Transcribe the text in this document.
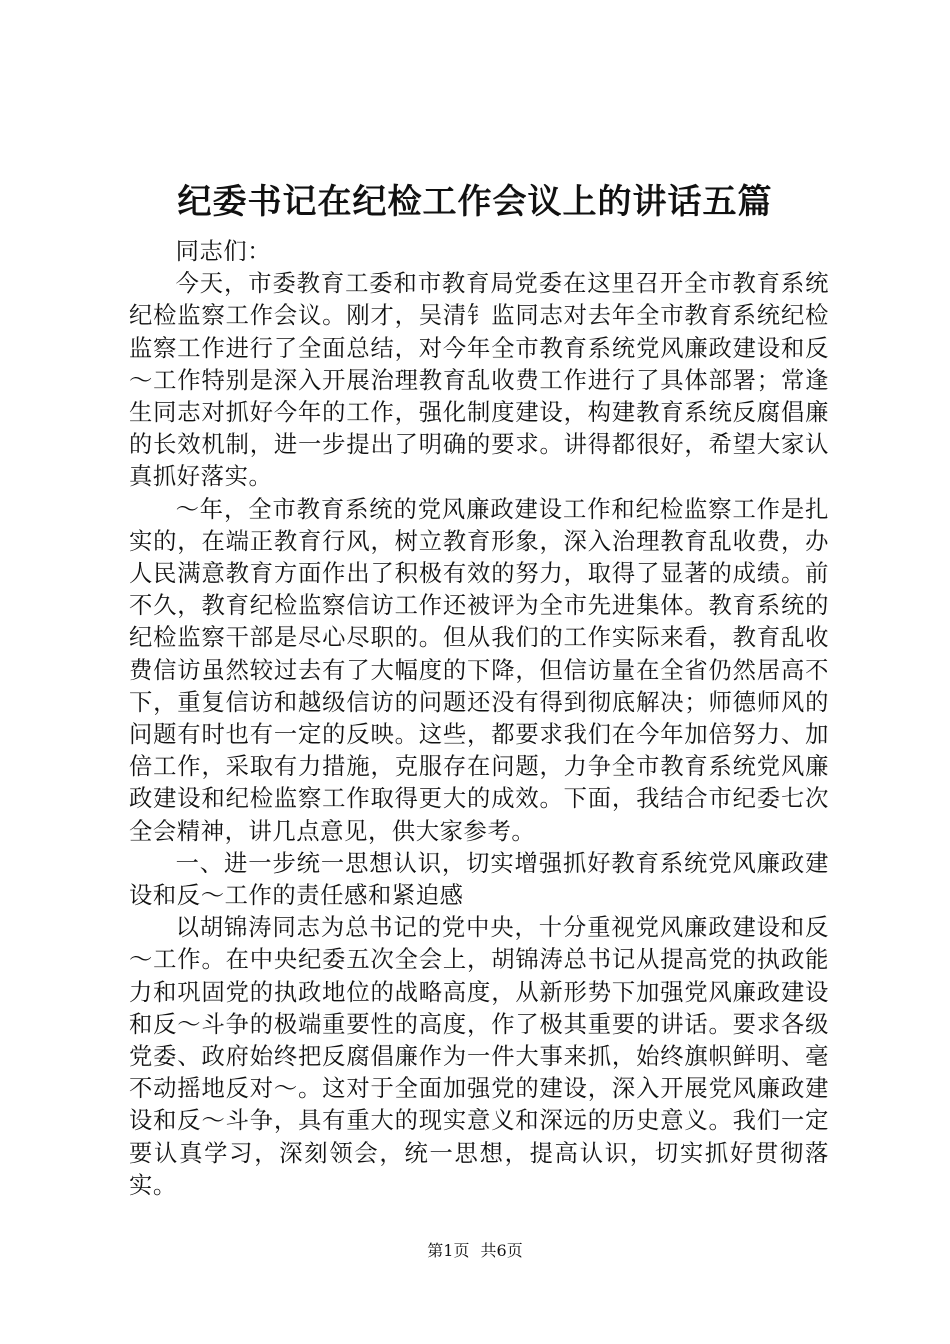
纪委书记在纪检工作会议上的讲话五篇

同志们：

今天，市委教育工委和市教育局党委在这里召开全市教育系统纪检监察工作会议。刚才，吴清钅监同志对去年全市教育系统纪检监察工作进行了全面总结，对今年全市教育系统党风廉政建设和反～工作特别是深入开展治理教育乱收费工作进行了具体部署；常逢生同志对抓好今年的工作，强化制度建设，构建教育系统反腐倡廉的长效机制，进一步提出了明确的要求。讲得都很好，希望大家认真抓好落实。

～年，全市教育系统的党风廉政建设工作和纪检监察工作是扎实的，在端正教育行风，树立教育形象，深入治理教育乱收费，办人民满意教育方面作出了积极有效的努力，取得了显著的成绩。前不久，教育纪检监察信访工作还被评为全市先进集体。教育系统的纪检监察干部是尽心尽职的。但从我们的工作实际来看，教育乱收费信访虽然较过去有了大幅度的下降，但信访量在全省仍然居高不下，重复信访和越级信访的问题还没有得到彻底解决；师德师风的问题有时也有一定的反映。这些，都要求我们在今年加倍努力、加倍工作，采取有力措施，克服存在问题，力争全市教育系统党风廉政建设和纪检监察工作取得更大的成效。下面，我结合市纪委七次全会精神，讲几点意见，供大家参考。

一、进一步统一思想认识，切实增强抓好教育系统党风廉政建设和反～工作的责任感和紧迫感

以胡锦涛同志为总书记的党中央，十分重视党风廉政建设和反～工作。在中央纪委五次全会上，胡锦涛总书记从提高党的执政能力和巩固党的执政地位的战略高度，从新形势下加强党风廉政建设和反～斗争的极端重要性的高度，作了极其重要的讲话。要求各级党委、政府始终把反腐倡廉作为一件大事来抓，始终旗帜鲜明、毫不动摇地反对～。这对于全面加强党的建设，深入开展党风廉政建设和反～斗争，具有重大的现实意义和深远的历史意义。我们一定要认真学习，深刻领会，统一思想，提高认识，切实抓好贯彻落实。

第1页 共6页
